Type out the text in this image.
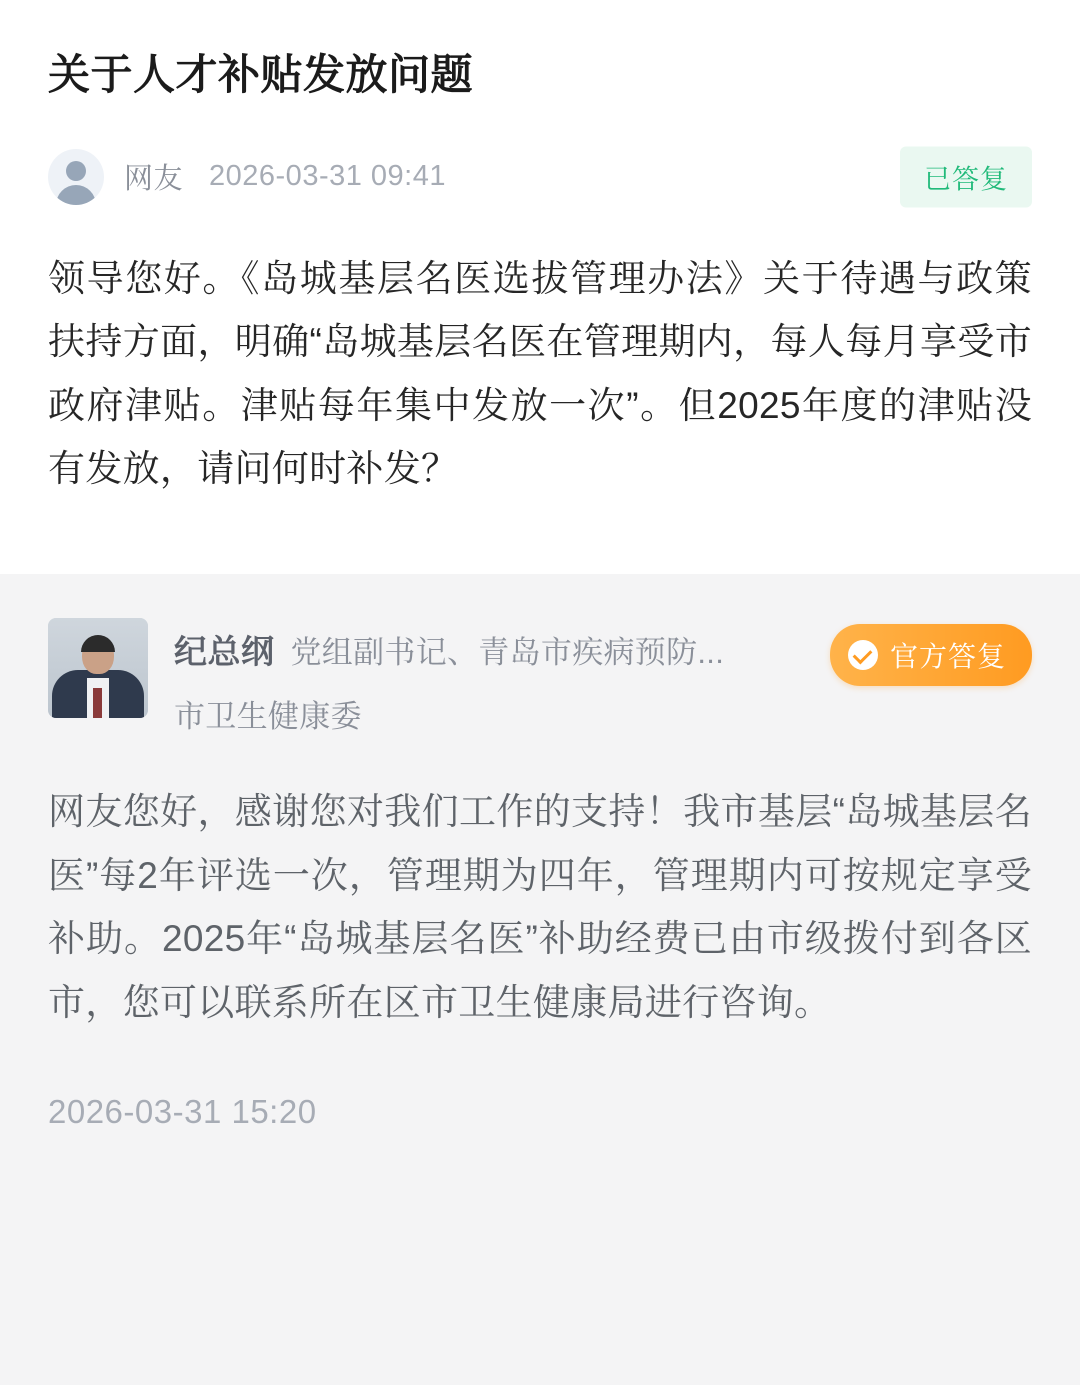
关于人才补贴发放问题
网友 2026-03-31 09:41	已答复

领导您好。《岛城基层名医选拔管理办法》关于待遇与政策扶持方面，明确“岛城基层名医在管理期内，每人每月享受市政府津贴。津贴每年集中发放一次”。但2025年度的津贴没有发放，请问何时补发？

纪总纲 党组副书记、青岛市疾病预防...
市卫生健康委
官方答复

网友您好，感谢您对我们工作的支持！我市基层“岛城基层名医”每2年评选一次，管理期为四年，管理期内可按规定享受补助。2025年“岛城基层名医”补助经费已由市级拨付到各区市，您可以联系所在区市卫生健康局进行咨询。

2026-03-31 15:20
